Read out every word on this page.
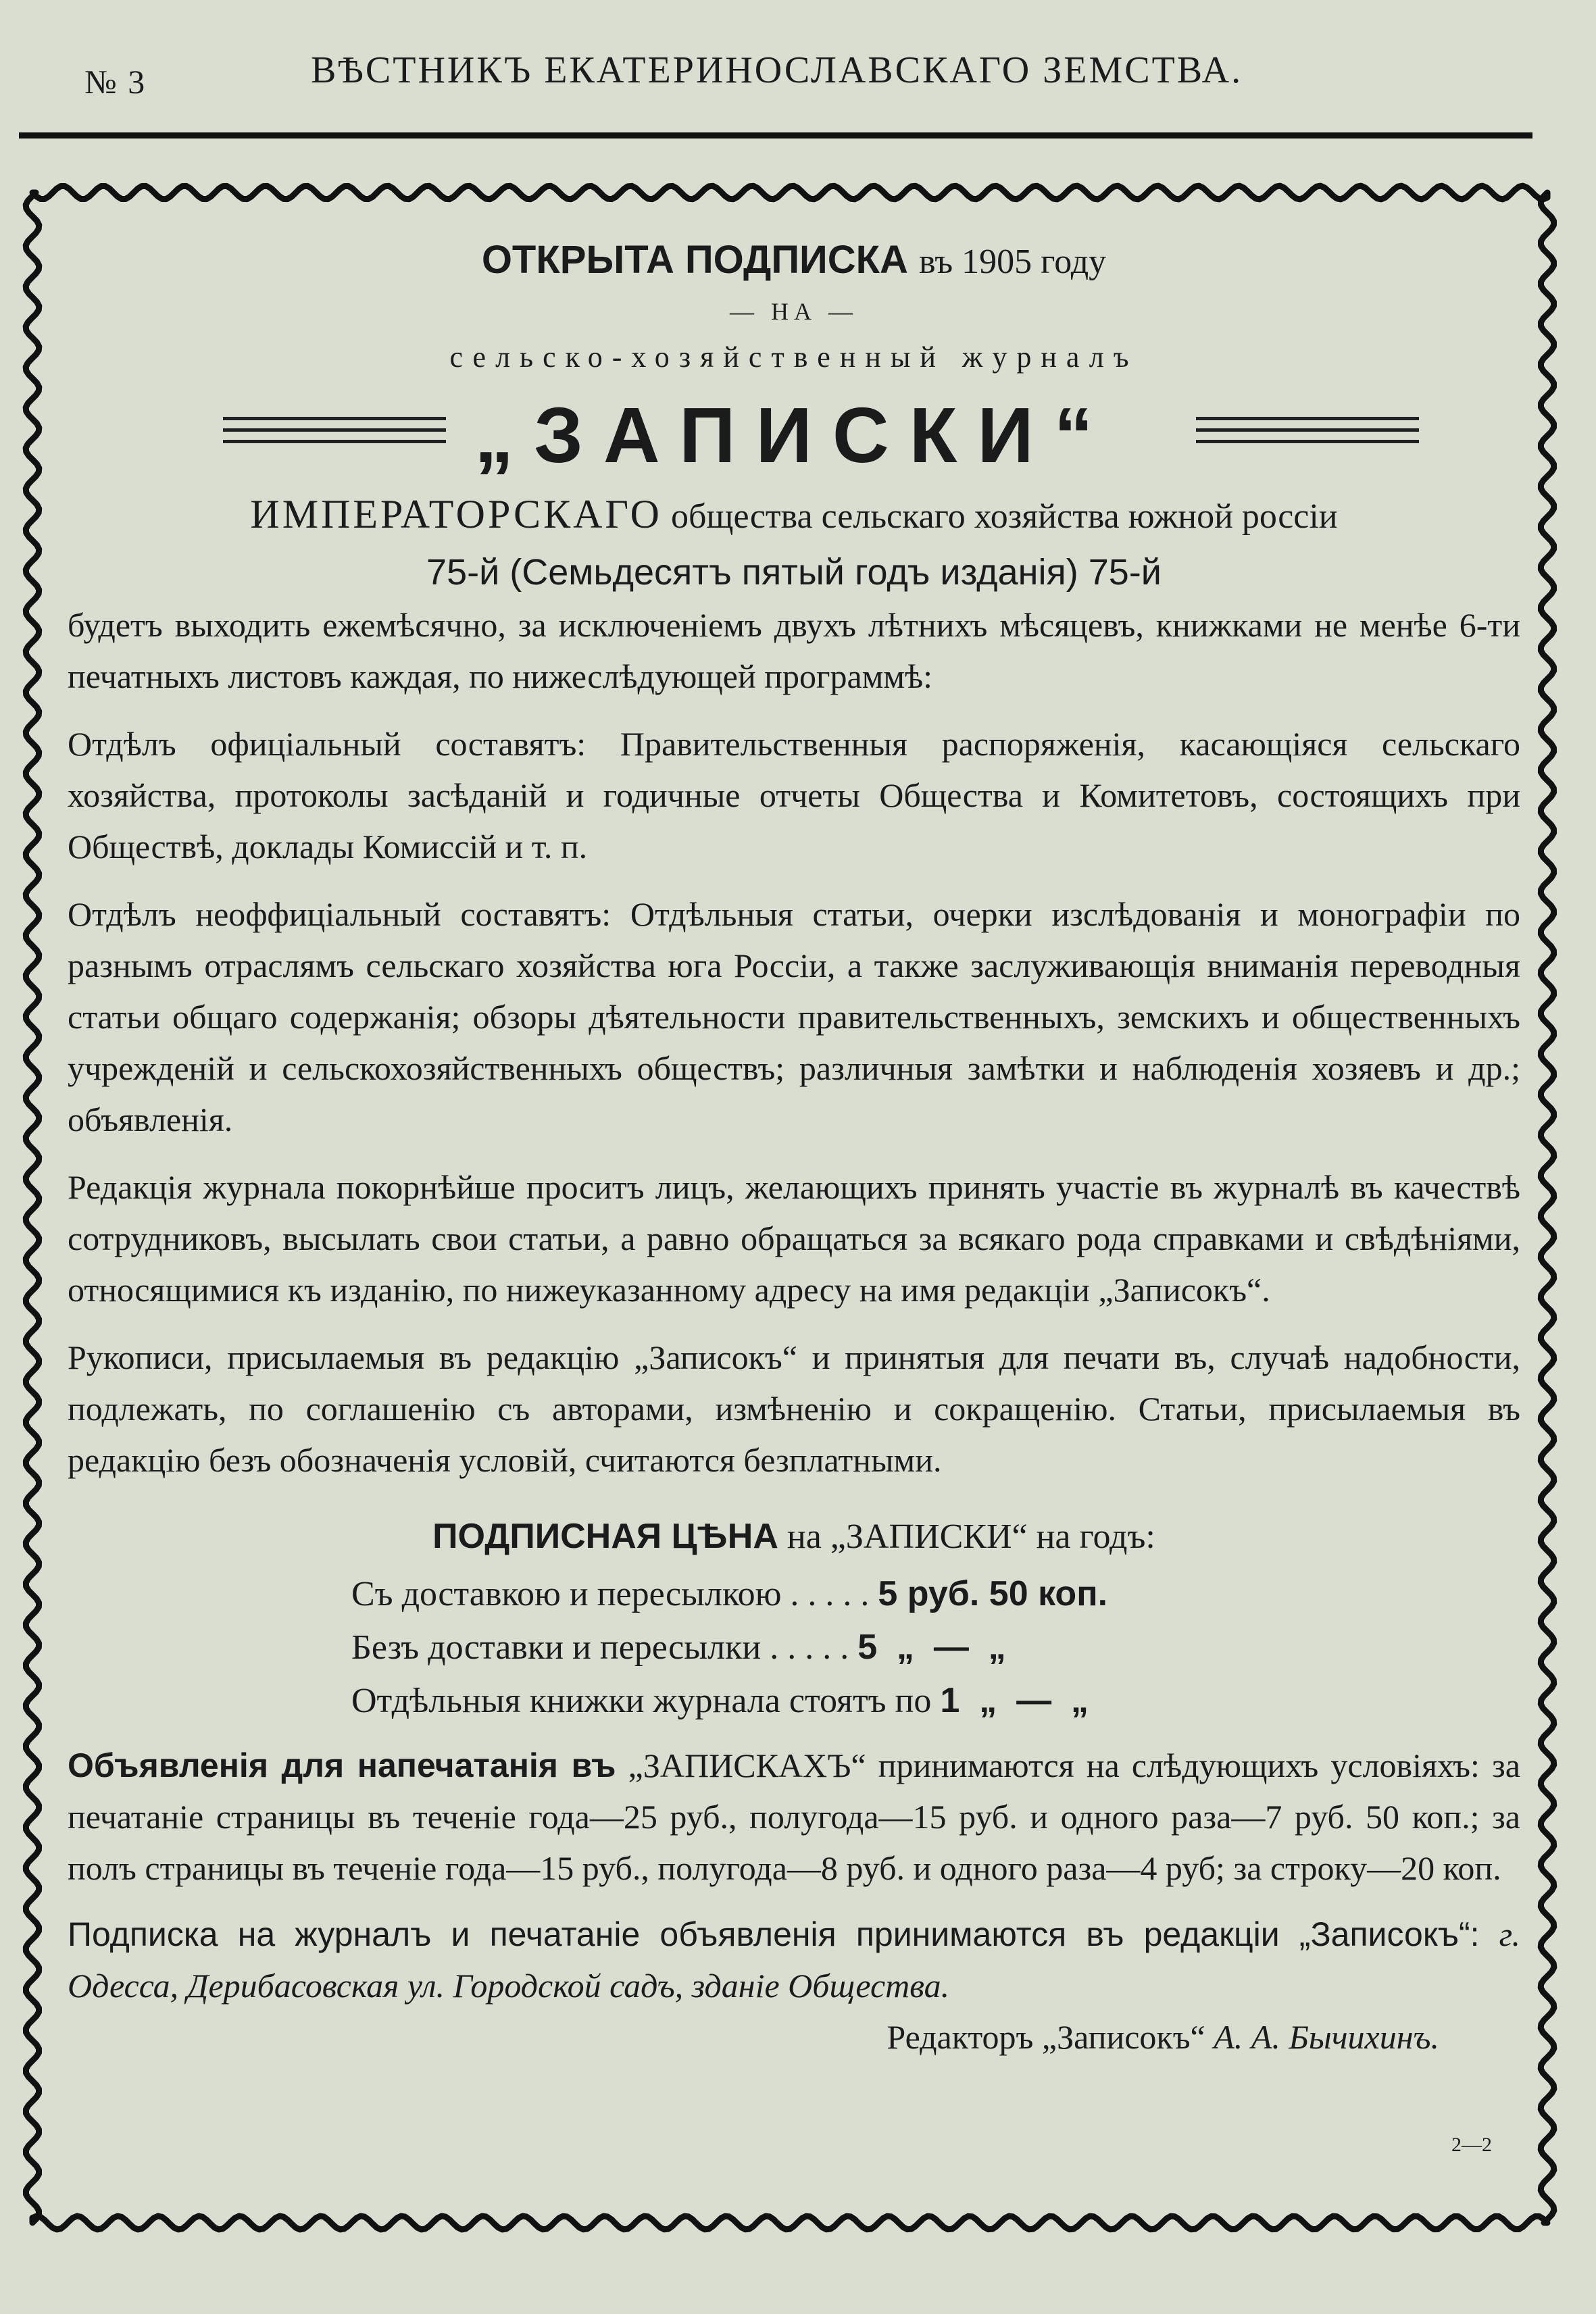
№ 3	ВѢСТНИКЪ ЕКАТЕРИНОСЛАВСКАГО ЗЕМСТВА.
ОТКРЫТА ПОДПИСКА въ 1905 году
— НА —
сельско-хозяйственный журналъ
„ЗАПИСКИ“
ИМПЕРАТОРСКАГО общества сельскаго хозяйства южной россіи
75-й (Семьдесятъ пятый годъ изданія) 75-й

будетъ выходить ежемѣсячно, за исключеніемъ двухъ лѣтнихъ мѣсяцевъ, книжками не менѣе 6-ти печатныхъ листовъ каждая, по нижеслѣдующей программѣ:

Отдѣлъ офиціальный составятъ: Правительственныя распоряженія, касающіяся сельскаго хозяйства, протоколы засѣданій и годичные отчеты Общества и Комитетовъ, состоящихъ при Обществѣ, доклады Комиссій и т. п.

Отдѣлъ неоффиціальный составятъ: Отдѣльныя статьи, очерки изслѣдованія и монографіи по разнымъ отраслямъ сельскаго хозяйства юга Россіи, а также заслуживающія вниманія переводныя статьи общаго содержанія; обзоры дѣятельности правительственныхъ, земскихъ и общественныхъ учрежденій и сельскохозяйственныхъ обществъ; различныя замѣтки и наблюденія хозяевъ и др.; объявленія.

Редакція журнала покорнѣйше проситъ лицъ, желающихъ принять участіе въ журналѣ въ качествѣ сотрудниковъ, высылать свои статьи, а равно обращаться за всякаго рода справками и свѣдѣніями, относящимися къ изданію, по нижеуказанному адресу на имя редакціи „Записокъ“.

Рукописи, присылаемыя въ редакцію „Записокъ“ и принятыя для печати въ, случаѣ надобности, подлежать, по соглашенію съ авторами, измѣненію и сокращенію. Статьи, присылаемыя въ редакцію безъ обозначенія условій, считаются безплатными.

ПОДПИСНАЯ ЦѢНА на „ЗАПИСКИ“ на годъ:
Съ доставкою и пересылкою . . . . . 5 руб. 50 коп.
Безъ доставки и пересылки . . . . . 5  „  —  „
Отдѣльныя книжки журнала стоятъ по 1  „  —  „

Объявленія для напечатанія въ „ЗАПИСКАХЪ“ принимаются на слѣдующихъ условіяхъ: за печатаніе страницы въ теченіе года—25 руб., полугода—15 руб. и одного раза—7 руб. 50 коп.; за полъ страницы въ теченіе года—15 руб., полугода—8 руб. и одного раза—4 руб; за строку—20 коп.

Подписка на журналъ и печатаніе объявленія принимаются въ редакціи „Записокъ“: г. Одесса, Дерибасовская ул. Городской садъ, зданіе Общества.

Редакторъ „Записокъ“ А. А. Бычихинъ.

2—2
